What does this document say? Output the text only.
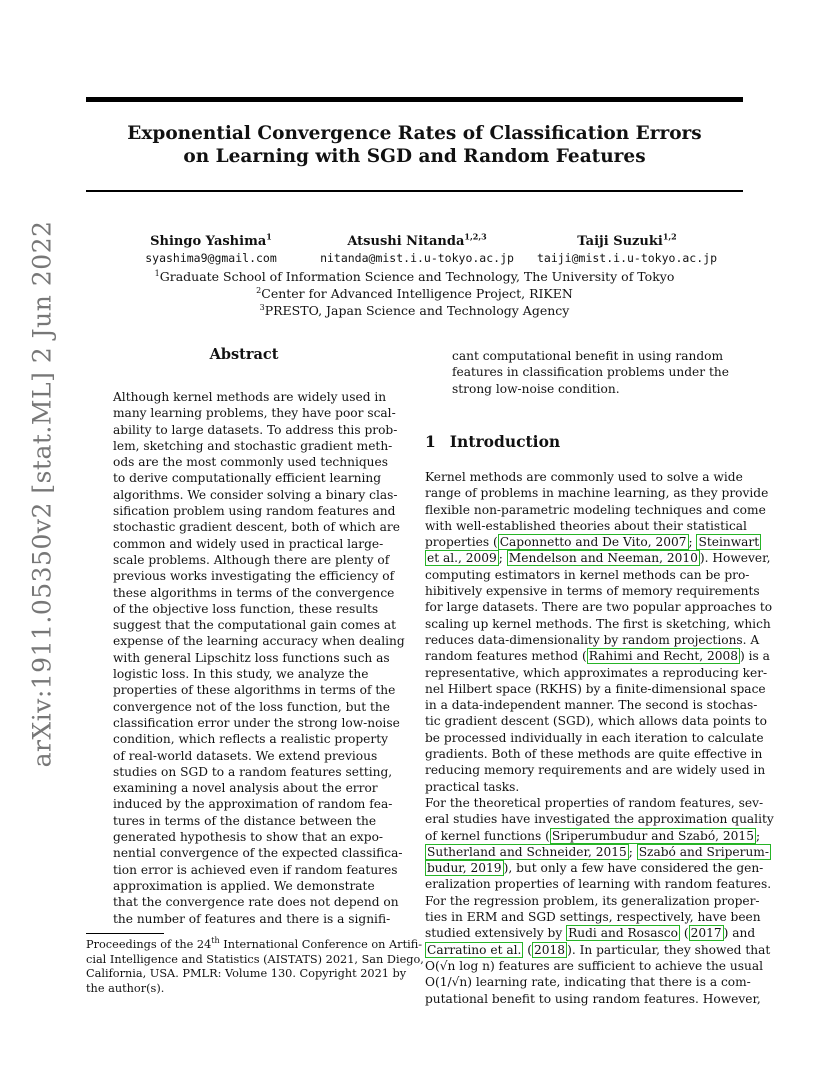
Exponential Convergence Rates of Classification Errors
on Learning with SGD and Random Features
Shingo Yashima$^1$
syashima9@gmail.com
Atsushi Nitanda$^{1,2,3}$
nitanda@mist.i.u-tokyo.ac.jp
Taiji Suzuki$^{1,2}$
taiji@mist.i.u-tokyo.ac.jp
$^1$Graduate School of Information Science and Technology, The University of Tokyo
$^2$Center for Advanced Intelligence Project, RIKEN
$^3$PRESTO, Japan Science and Technology Agency
arXiv:1911.05350v2 [stat.ML] 2 Jun 2022	Abstract
Although kernel methods are widely used in
many learning problems, they have poor scal-
ability to large datasets. To address this prob-
lem, sketching and stochastic gradient meth-
ods are the most commonly used techniques
to derive computationally efficient learning
algorithms. We consider solving a binary clas-
sification problem using random features and
stochastic gradient descent, both of which are
common and widely used in practical large-
scale problems. Although there are plenty of
previous works investigating the efficiency of
these algorithms in terms of the convergence
of the objective loss function, these results
suggest that the computational gain comes at
expense of the learning accuracy when dealing
with general Lipschitz loss functions such as
logistic loss. In this study, we analyze the
properties of these algorithms in terms of the
convergence not of the loss function, but the
classification error under the strong low-noise
condition, which reflects a realistic property
of real-world datasets. We extend previous
studies on SGD to a random features setting,
examining a novel analysis about the error
induced by the approximation of random fea-
tures in terms of the distance between the
generated hypothesis to show that an expo-
nential convergence of the expected classifica-
tion error is achieved even if random features
approximation is applied. We demonstrate
that the convergence rate does not depend on
the number of features and there is a signifi-
cant computational benefit in using random
features in classification problems under the
strong low-noise condition.
1 Introduction
Kernel methods are commonly used to solve a wide
range of problems in machine learning, as they provide
flexible non-parametric modeling techniques and come
with well-established theories about their statistical
properties ( Caponnetto and De Vito, 2007 ; Steinwart
et al., 2009 ; Mendelson and Neeman, 2010 ). However,
computing estimators in kernel methods can be pro-
hibitively expensive in terms of memory requirements
for large datasets. There are two popular approaches to
scaling up kernel methods. The first is sketching, which
reduces data-dimensionality by random projections. A
random features method ( Rahimi and Recht, 2008 ) is a
representative, which approximates a reproducing ker-
nel Hilbert space (RKHS) by a finite-dimensional space
in a data-independent manner. The second is stochas-
tic gradient descent (SGD), which allows data points to
be processed individually in each iteration to calculate
gradients. Both of these methods are quite effective in
reducing memory requirements and are widely used in
practical tasks.
For the theoretical properties of random features, sev-
eral studies have investigated the approximation quality
of kernel functions ( Sriperumbudur and Szabó, 2015 ;
Sutherland and Schneider, 2015 ; Szabó and Sriperum-
budur, 2019 ), but only a few have considered the gen-
eralization properties of learning with random features.
For the regression problem, its generalization proper-
ties in ERM and SGD settings, respectively, have been
studied extensively by Rudi and Rosasco ( 2017 ) and
Carratino et al. ( 2018 ). In particular, they showed that
O(√n log n) features are sufficient to achieve the usual
O(1/√n) learning rate, indicating that there is a com-
putational benefit to using random features. However,
Proceedings of the 24th International Conference on Artifi-
cial Intelligence and Statistics (AISTATS) 2021, San Diego,
California, USA. PMLR: Volume 130. Copyright 2021 by
the author(s).
